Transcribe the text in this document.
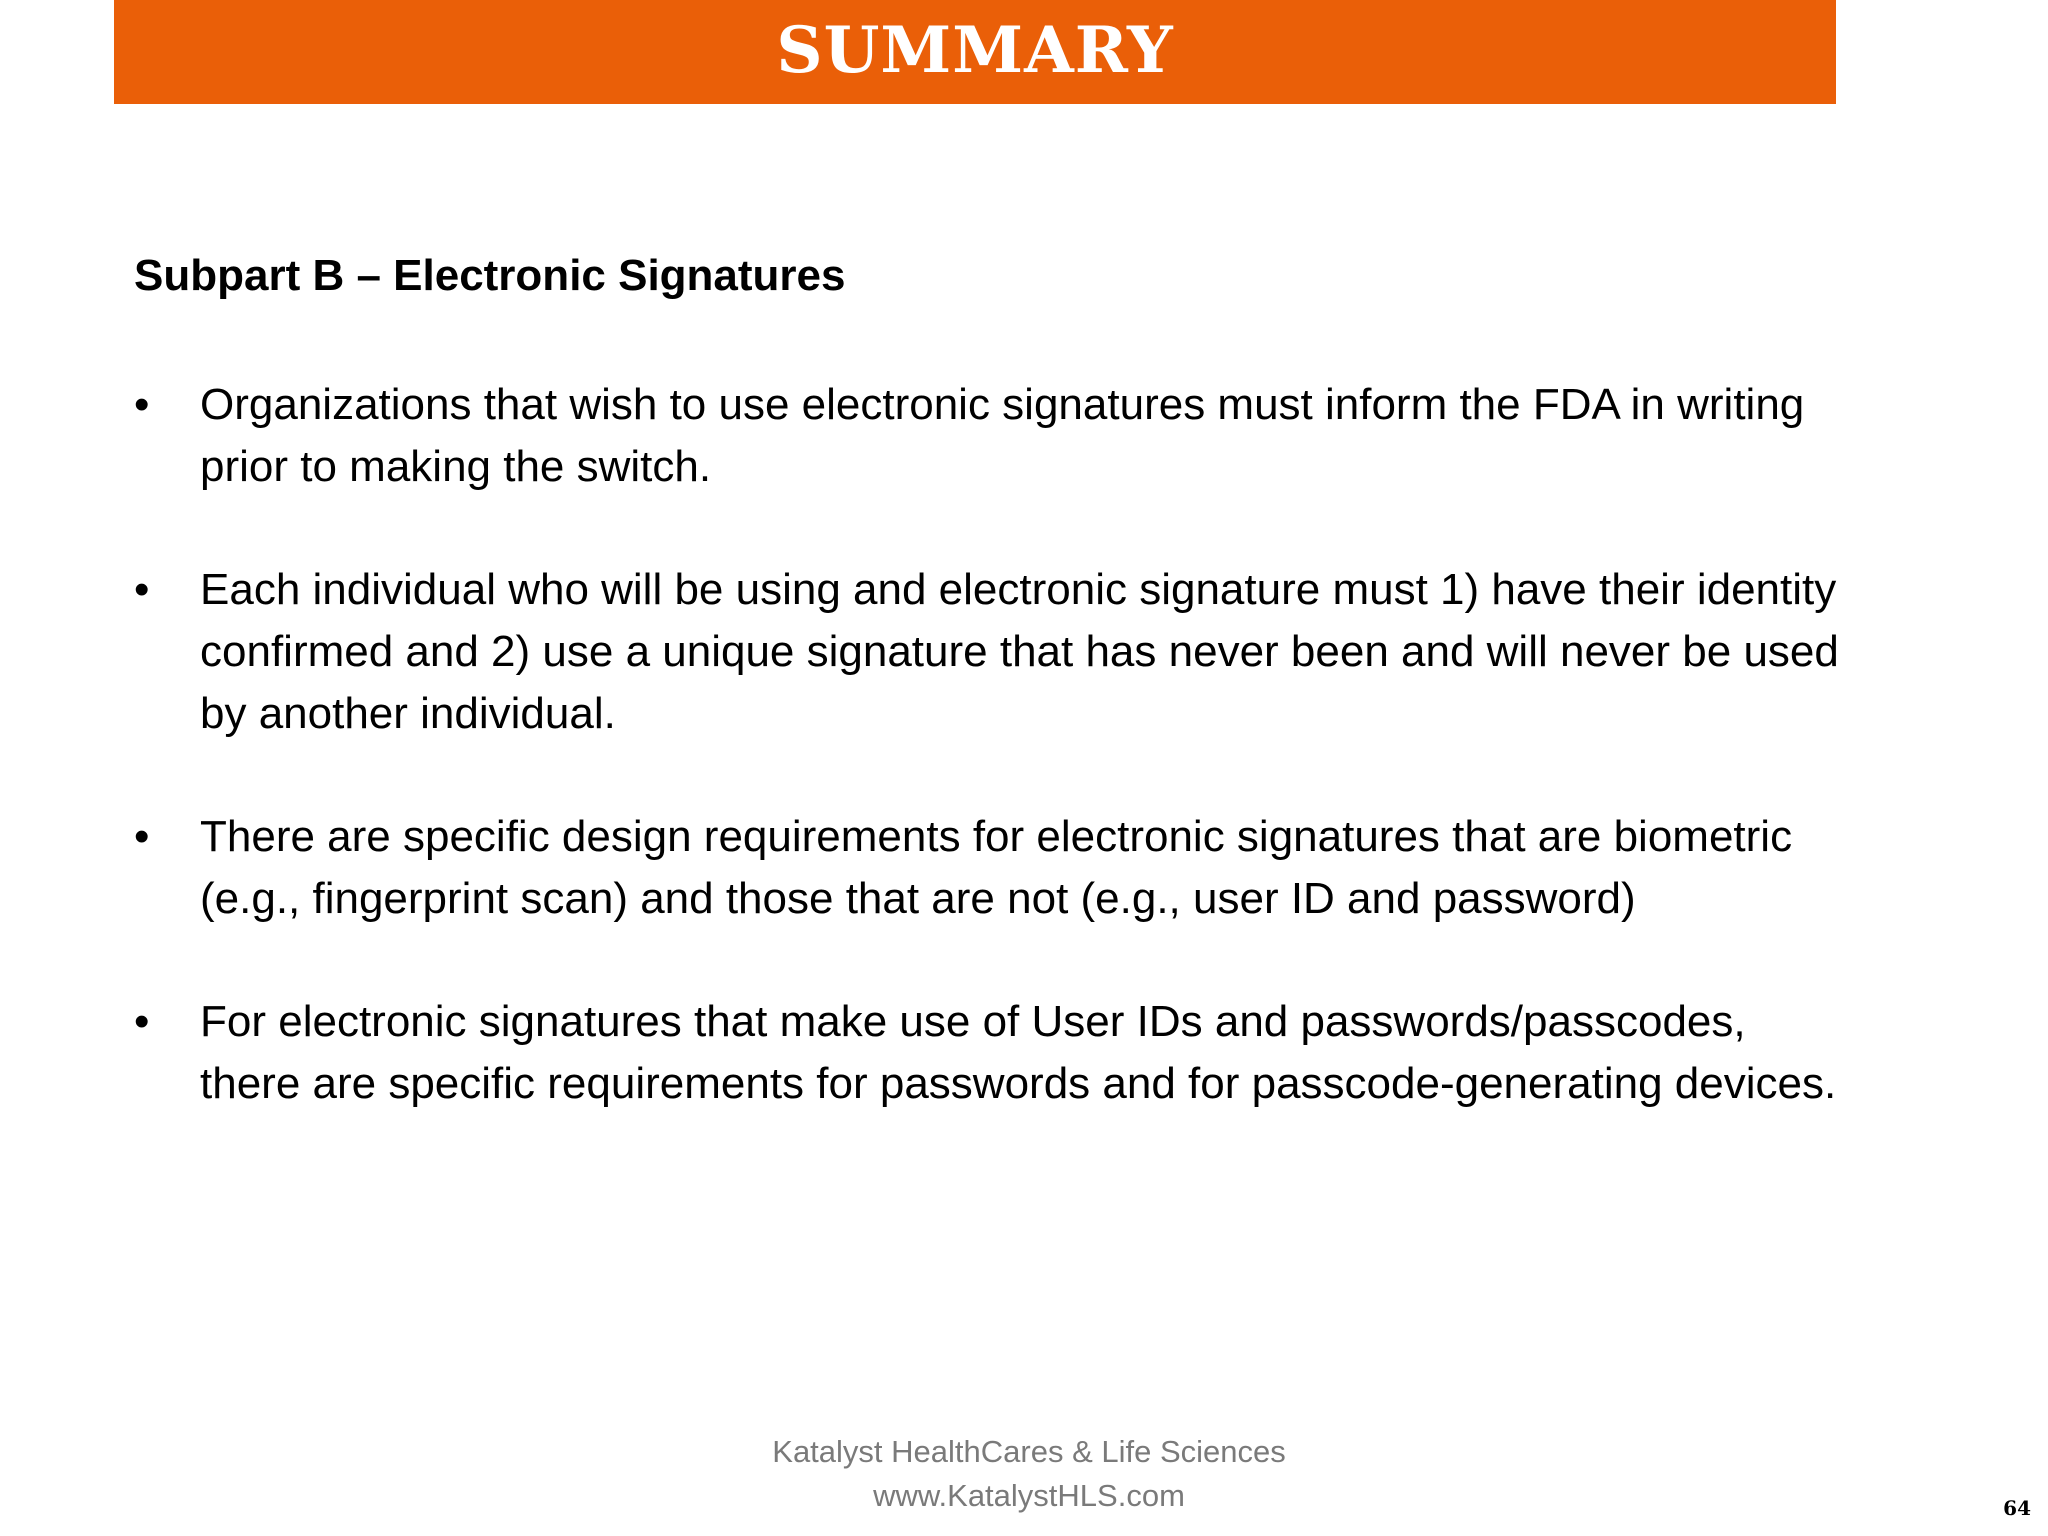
SUMMARY
Subpart B – Electronic Signatures
•	Organizations that wish to use electronic signatures must inform the FDA in writing prior to making the switch.
•	Each individual who will be using and electronic signature must 1) have their identity confirmed and 2) use a unique signature that has never been and will never be used by another individual.
•	There are specific design requirements for electronic signatures that are biometric (e.g., fingerprint scan) and those that are not (e.g., user ID and password)
•	For electronic signatures that make use of User IDs and passwords/passcodes, there are specific requirements for passwords and for passcode-generating devices.
Katalyst HealthCares & Life Sciences
www.KatalystHLS.com	64
